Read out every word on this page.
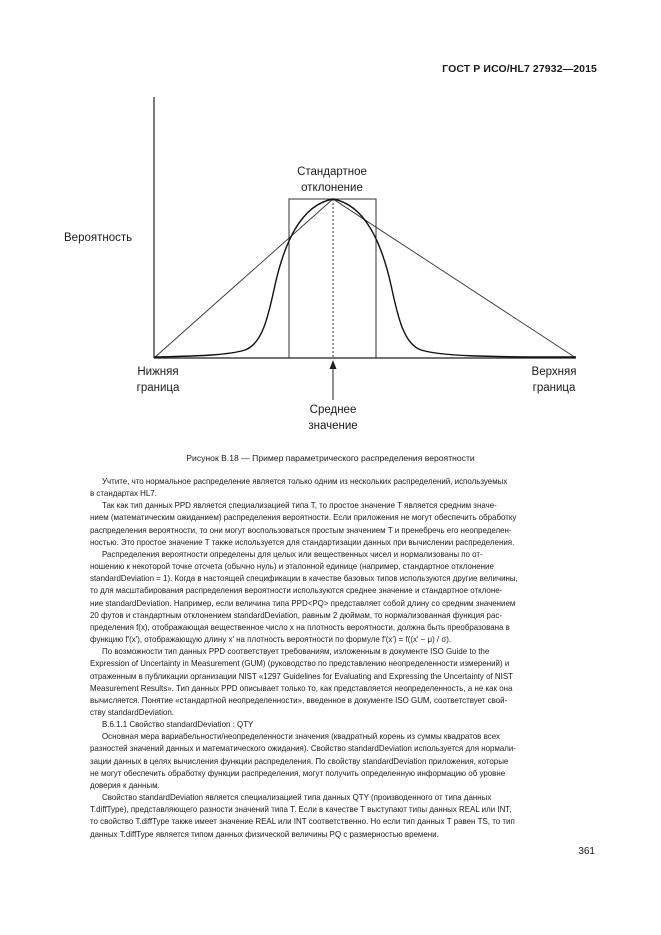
ГОСТ Р ИСО/HL7 27932—2015
Стандартное
отклонение
Вероятность
Нижняя
граница
Верхняя
граница
Среднее
значение
Рисунок B.18 — Пример параметрического распределения вероятности
Учтите, что нормальное распределение является только одним из нескольких распределений, используемых
в стандартах HL7.
Так как тип данных PPD является специализацией типа T, то простое значение T является средним значе-
нием (математическим ожиданием) распределения вероятности. Если приложения не могут обеспечить обработку
распределения вероятности, то они могут воспользоваться простым значением T и пренебречь его неопределен-
ностью. Это простое значение T также используется для стандартизации данных при вычислении распределения.
Распределения вероятности определены для целых или вещественных чисел и нормализованы по от-
ношению к некоторой точке отсчета (обычно нуль) и эталонной единице (например, стандартное отклонение
standardDeviation = 1). Когда в настоящей спецификации в качестве базовых типов используются другие величины,
то для масштабирования распределения вероятности используются среднее значение и стандартное отклоне-
ние standardDeviation. Например, если величина типа PPD<PQ> представляет собой длину со средним значением
20 футов и стандартным отклонением standardDeviation, равным 2 дюймам, то нормализованная функция рас-
пределения f(x), отображающая вещественное число x на плотность вероятности, должна быть преобразована в
функцию f′(x′), отображающую длину x′ на плотность вероятности по формуле f′(x′) = f((x′ − μ) / σ).
По возможности тип данных PPD соответствует требованиям, изложенным в документе ISO Guide to the
Expression of Uncertainty in Measurement (GUM) (руководство по представлению неопределенности измерений) и
отраженным в публикации организации NIST «1297 Guidelines for Evaluating and Expressing the Uncertainty of NIST
Measurement Results». Тип данных PPD описывает только то, как представляется неопределенность, а не как она
вычисляется. Понятие «стандартной неопределенности», введенное в документе ISO GUM, соответствует свой-
ству standardDeviation.
B.6.1.1 Свойство standardDeviation : QTY
Основная мера вариабельности/неопределенности значения (квадратный корень из суммы квадратов всех
разностей значений данных и математического ожидания). Свойство standardDeviation используется для нормали-
зации данных в целях вычисления функции распределения. По свойству standardDeviation приложения, которые
не могут обеспечить обработку функции распределения, могут получить определенную информацию об уровне
доверия к данным.
Свойство standardDeviation является специализацией типа данных QTY (производенного от типа данных
T.diffType), представляющего разности значений типа T. Если в качестве T выступают типы данных REAL или INT,
то свойство T.diffType также имеет значение REAL или INT соответственно. Но если тип данных T равен TS, то тип
данных T.diffType является типом данных физической величины PQ с размерностью времени.
361
